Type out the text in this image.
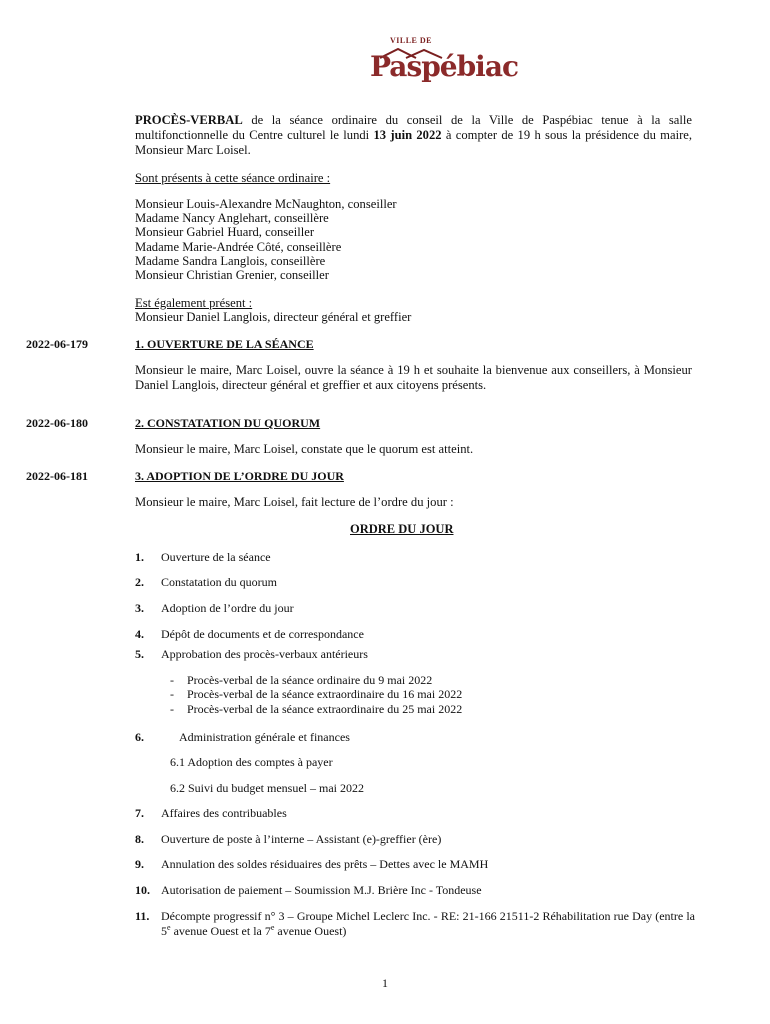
VILLE DE
Paspébiac
PROCÈS-VERBAL de la séance ordinaire du conseil de la Ville de Paspébiac tenue à la salle multifonctionnelle du Centre culturel le lundi 13 juin 2022 à compter de 19 h sous la présidence du maire, Monsieur Marc Loisel.
Sont présents à cette séance ordinaire :
Monsieur Louis-Alexandre McNaughton, conseiller
Madame Nancy Anglehart, conseillère
Monsieur Gabriel Huard, conseiller
Madame Marie-Andrée Côté, conseillère
Madame Sandra Langlois, conseillère
Monsieur Christian Grenier, conseiller
Est également présent :
Monsieur Daniel Langlois, directeur général et greffier
2022-06-179	1. OUVERTURE DE LA SÉANCE
Monsieur le maire, Marc Loisel, ouvre la séance à 19 h et souhaite la bienvenue aux conseillers, à Monsieur Daniel Langlois, directeur général et greffier et aux citoyens présents.
2022-06-180	2. CONSTATATION DU QUORUM
Monsieur le maire, Marc Loisel, constate que le quorum est atteint.
2022-06-181	3. ADOPTION DE L’ORDRE DU JOUR
Monsieur le maire, Marc Loisel, fait lecture de l’ordre du jour :
ORDRE DU JOUR
1. Ouverture de la séance
2. Constatation du quorum
3. Adoption de l’ordre du jour
4. Dépôt de documents et de correspondance
5. Approbation des procès-verbaux antérieurs
- Procès-verbal de la séance ordinaire du 9 mai 2022
- Procès-verbal de la séance extraordinaire du 16 mai 2022
- Procès-verbal de la séance extraordinaire du 25 mai 2022
6.	Administration générale et finances
6.1 Adoption des comptes à payer
6.2 Suivi du budget mensuel – mai 2022
7. Affaires des contribuables
8. Ouverture de poste à l’interne – Assistant (e)-greffier (ère)
9. Annulation des soldes résiduaires des prêts – Dettes avec le MAMH
10. Autorisation de paiement – Soumission M.J. Brière Inc - Tondeuse
11. Décompte progressif n° 3 – Groupe Michel Leclerc Inc. - RE: 21-166 21511-2 Réhabilitation rue Day (entre la 5e avenue Ouest et la 7e avenue Ouest)
1
